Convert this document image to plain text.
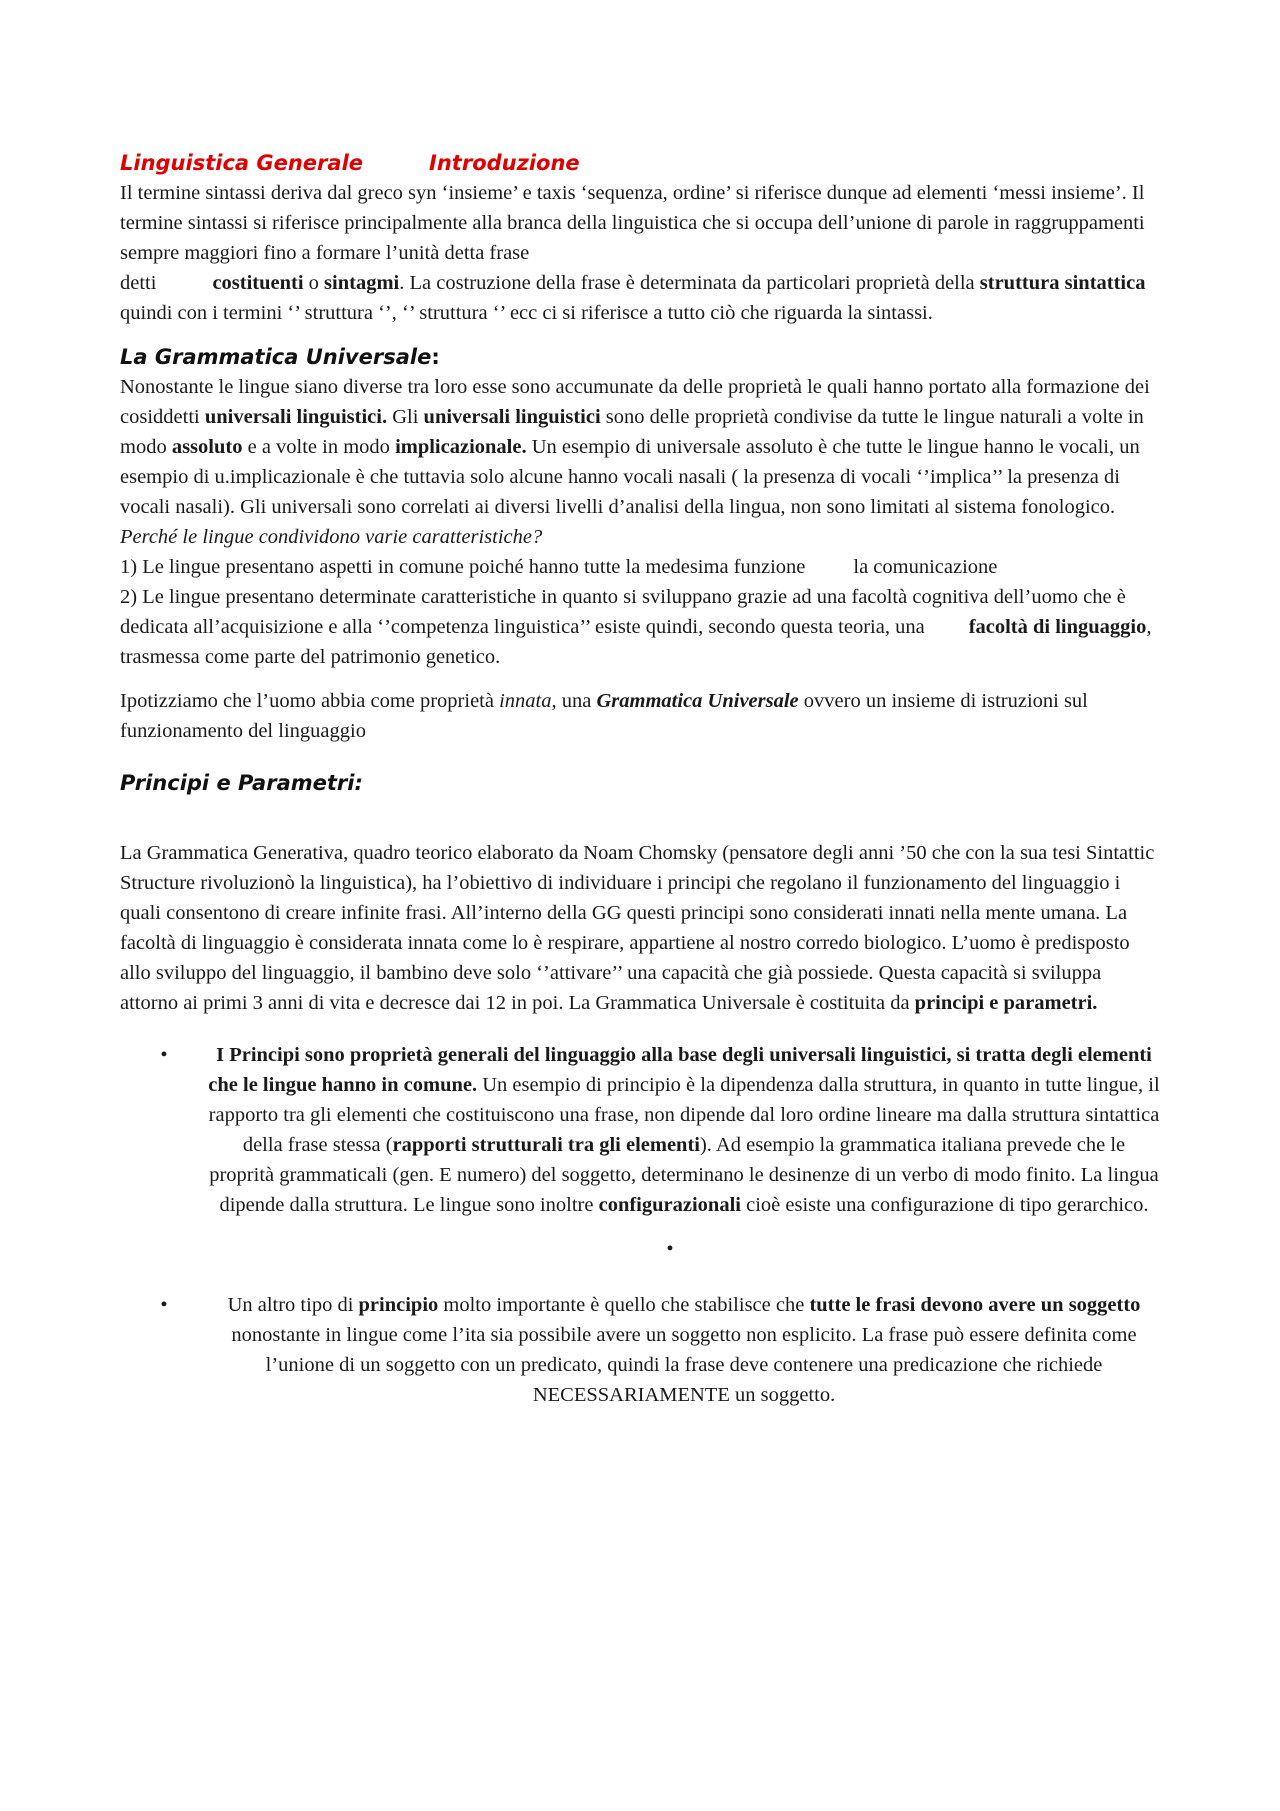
Linguistica Generale	Introduzione

Il termine sintassi deriva dal greco syn ‘insieme’ e taxis ‘sequenza, ordine’ si riferisce dunque ad elementi ‘messi insieme’. Il termine sintassi si riferisce principalmente alla branca della linguistica che si occupa dell’unione di parole in raggruppamenti sempre maggiori fino a formare l’unità detta frase
detti	costituenti o sintagmi. La costruzione della frase è determinata da particolari proprietà della struttura sintattica quindi con i termini ‘’ struttura ‘’, ‘’ struttura ‘’ ecc ci si riferisce a tutto ciò che riguarda la sintassi.

La Grammatica Universale:

Nonostante le lingue siano diverse tra loro esse sono accumunate da delle proprietà le quali hanno portato alla formazione dei cosiddetti universali linguistici. Gli universali linguistici sono delle proprietà condivise da tutte le lingue naturali a volte in modo assoluto e a volte in modo implicazionale. Un esempio di universale assoluto è che tutte le lingue hanno le vocali, un esempio di u.implicazionale è che tuttavia solo alcune hanno vocali nasali ( la presenza di vocali ‘’implica’’ la presenza di vocali nasali). Gli universali sono correlati ai diversi livelli d’analisi della lingua, non sono limitati al sistema fonologico.

Perché le lingue condividono varie caratteristiche?

1) Le lingue presentano aspetti in comune poiché hanno tutte la medesima funzione la comunicazione

2) Le lingue presentano determinate caratteristiche in quanto si sviluppano grazie ad una facoltà cognitiva dell’uomo che è dedicata all’acquisizione e alla ‘’competenza linguistica’’ esiste quindi, secondo questa teoria, una facoltà di linguaggio, trasmessa come parte del patrimonio genetico.

Ipotizziamo che l’uomo abbia come proprietà innata, una Grammatica Universale ovvero un insieme di istruzioni sul funzionamento del linguaggio

Principi e Parametri:

La Grammatica Generativa, quadro teorico elaborato da Noam Chomsky (pensatore degli anni ’50 che con la sua tesi Sintattic Structure rivoluzionò la linguistica), ha l’obiettivo di individuare i principi che regolano il funzionamento del linguaggio i quali consentono di creare infinite frasi. All’interno della GG questi principi sono considerati innati nella mente umana. La facoltà di linguaggio è considerata innata come lo è respirare, appartiene al nostro corredo biologico. L’uomo è predisposto allo sviluppo del linguaggio, il bambino deve solo ‘’attivare’’ una capacità che già possiede. Questa capacità si sviluppa attorno ai primi 3 anni di vita e decresce dai 12 in poi. La Grammatica Universale è costituita da principi e parametri.

• I Principi sono proprietà generali del linguaggio alla base degli universali linguistici, si tratta degli elementi che le lingue hanno in comune. Un esempio di principio è la dipendenza dalla struttura, in quanto in tutte lingue, il rapporto tra gli elementi che costituiscono una frase, non dipende dal loro ordine lineare ma dalla struttura sintattica della frase stessa (rapporti strutturali tra gli elementi). Ad esempio la grammatica italiana prevede che le proprità grammaticali (gen. E numero) del soggetto, determinano le desinenze di un verbo di modo finito. La lingua dipende dalla struttura. Le lingue sono inoltre configurazionali cioè esiste una configurazione di tipo gerarchico.
•
•	Un altro tipo di principio molto importante è quello che stabilisce che tutte le frasi devono avere un soggetto nonostante in lingue come l’ita sia possibile avere un soggetto non esplicito. La frase può essere definita come l’unione di un soggetto con un predicato, quindi la frase deve contenere una predicazione che richiede NECESSARIAMENTE un soggetto.
